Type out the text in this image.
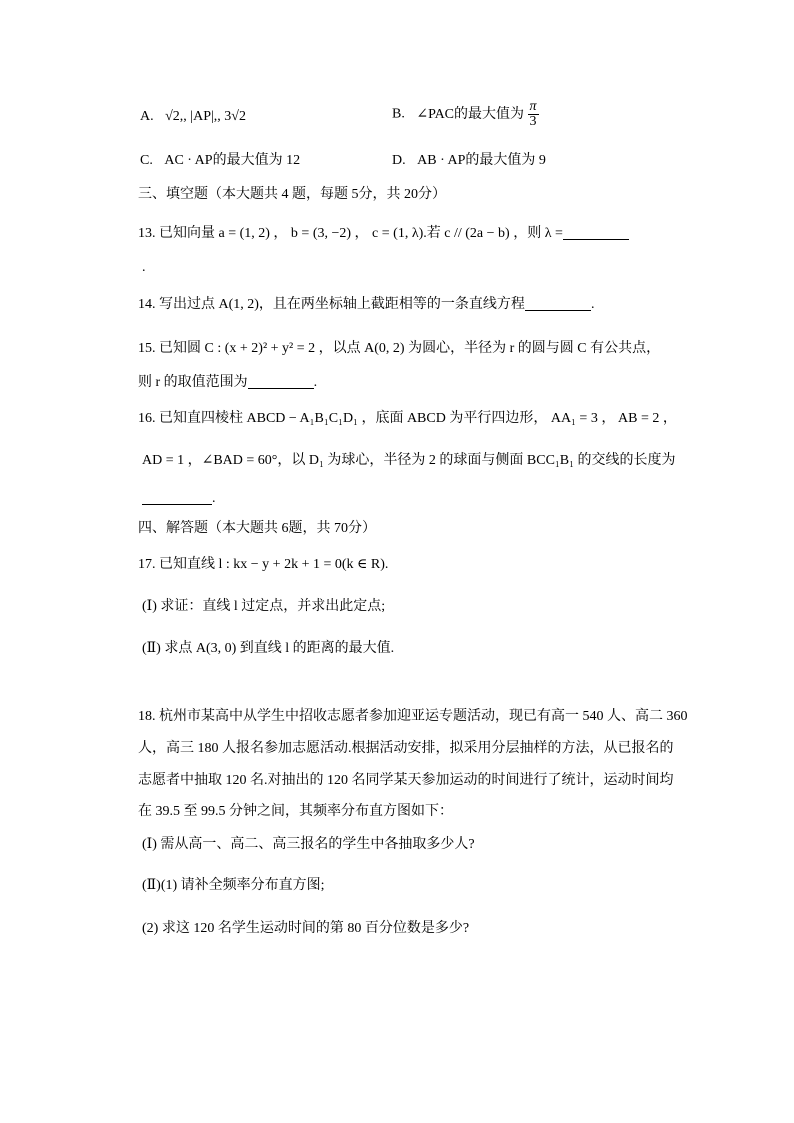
A. √2,, |AP|,, 3√2	B. ∠PAC的最大值为 $\frac{\pi}{3}$
C. AC · AP的最大值为 12	D. AB · AP的最大值为 9
三、填空题（本大题共 4 题，每题 5分，共 20分）
13. 已知向量 a = (1, 2) ， b = (3, −2) ， c = (1, λ).若 c // (2a − b) ，则 λ =
.
14. 写出过点 A(1, 2)，且在两坐标轴上截距相等的一条直线方程	.
15. 已知圆 C : (x + 2)² + y² = 2 ，以点 A(0, 2) 为圆心，半径为 r 的圆与圆 C 有公共点，
则 r 的取值范围为	.
16. 已知直四棱柱 ABCD − A₁B₁C₁D₁ ，底面 ABCD 为平行四边形， AA₁ = 3 ， AB = 2 ，
AD = 1 ，∠BAD = 60°，以 D₁ 为球心，半径为 2 的球面与侧面 BCC₁B₁ 的交线的长度为
.
四、解答题（本大题共 6题，共 70分）
17. 已知直线 l : kx − y + 2k + 1 = 0(k ∈ R).
(Ⅰ) 求证：直线 l 过定点，并求出此定点;
(Ⅱ) 求点 A(3, 0) 到直线 l 的距离的最大值.
18. 杭州市某高中从学生中招收志愿者参加迎亚运专题活动，现已有高一 540 人、高二 360
人，高三 180 人报名参加志愿活动.根据活动安排，拟采用分层抽样的方法，从已报名的
志愿者中抽取 120 名.对抽出的 120 名同学某天参加运动的时间进行了统计，运动时间均
在 39.5 至 99.5 分钟之间，其频率分布直方图如下：
(Ⅰ) 需从高一、高二、高三报名的学生中各抽取多少人?
(Ⅱ)(1) 请补全频率分布直方图;
(2) 求这 120 名学生运动时间的第 80 百分位数是多少?
